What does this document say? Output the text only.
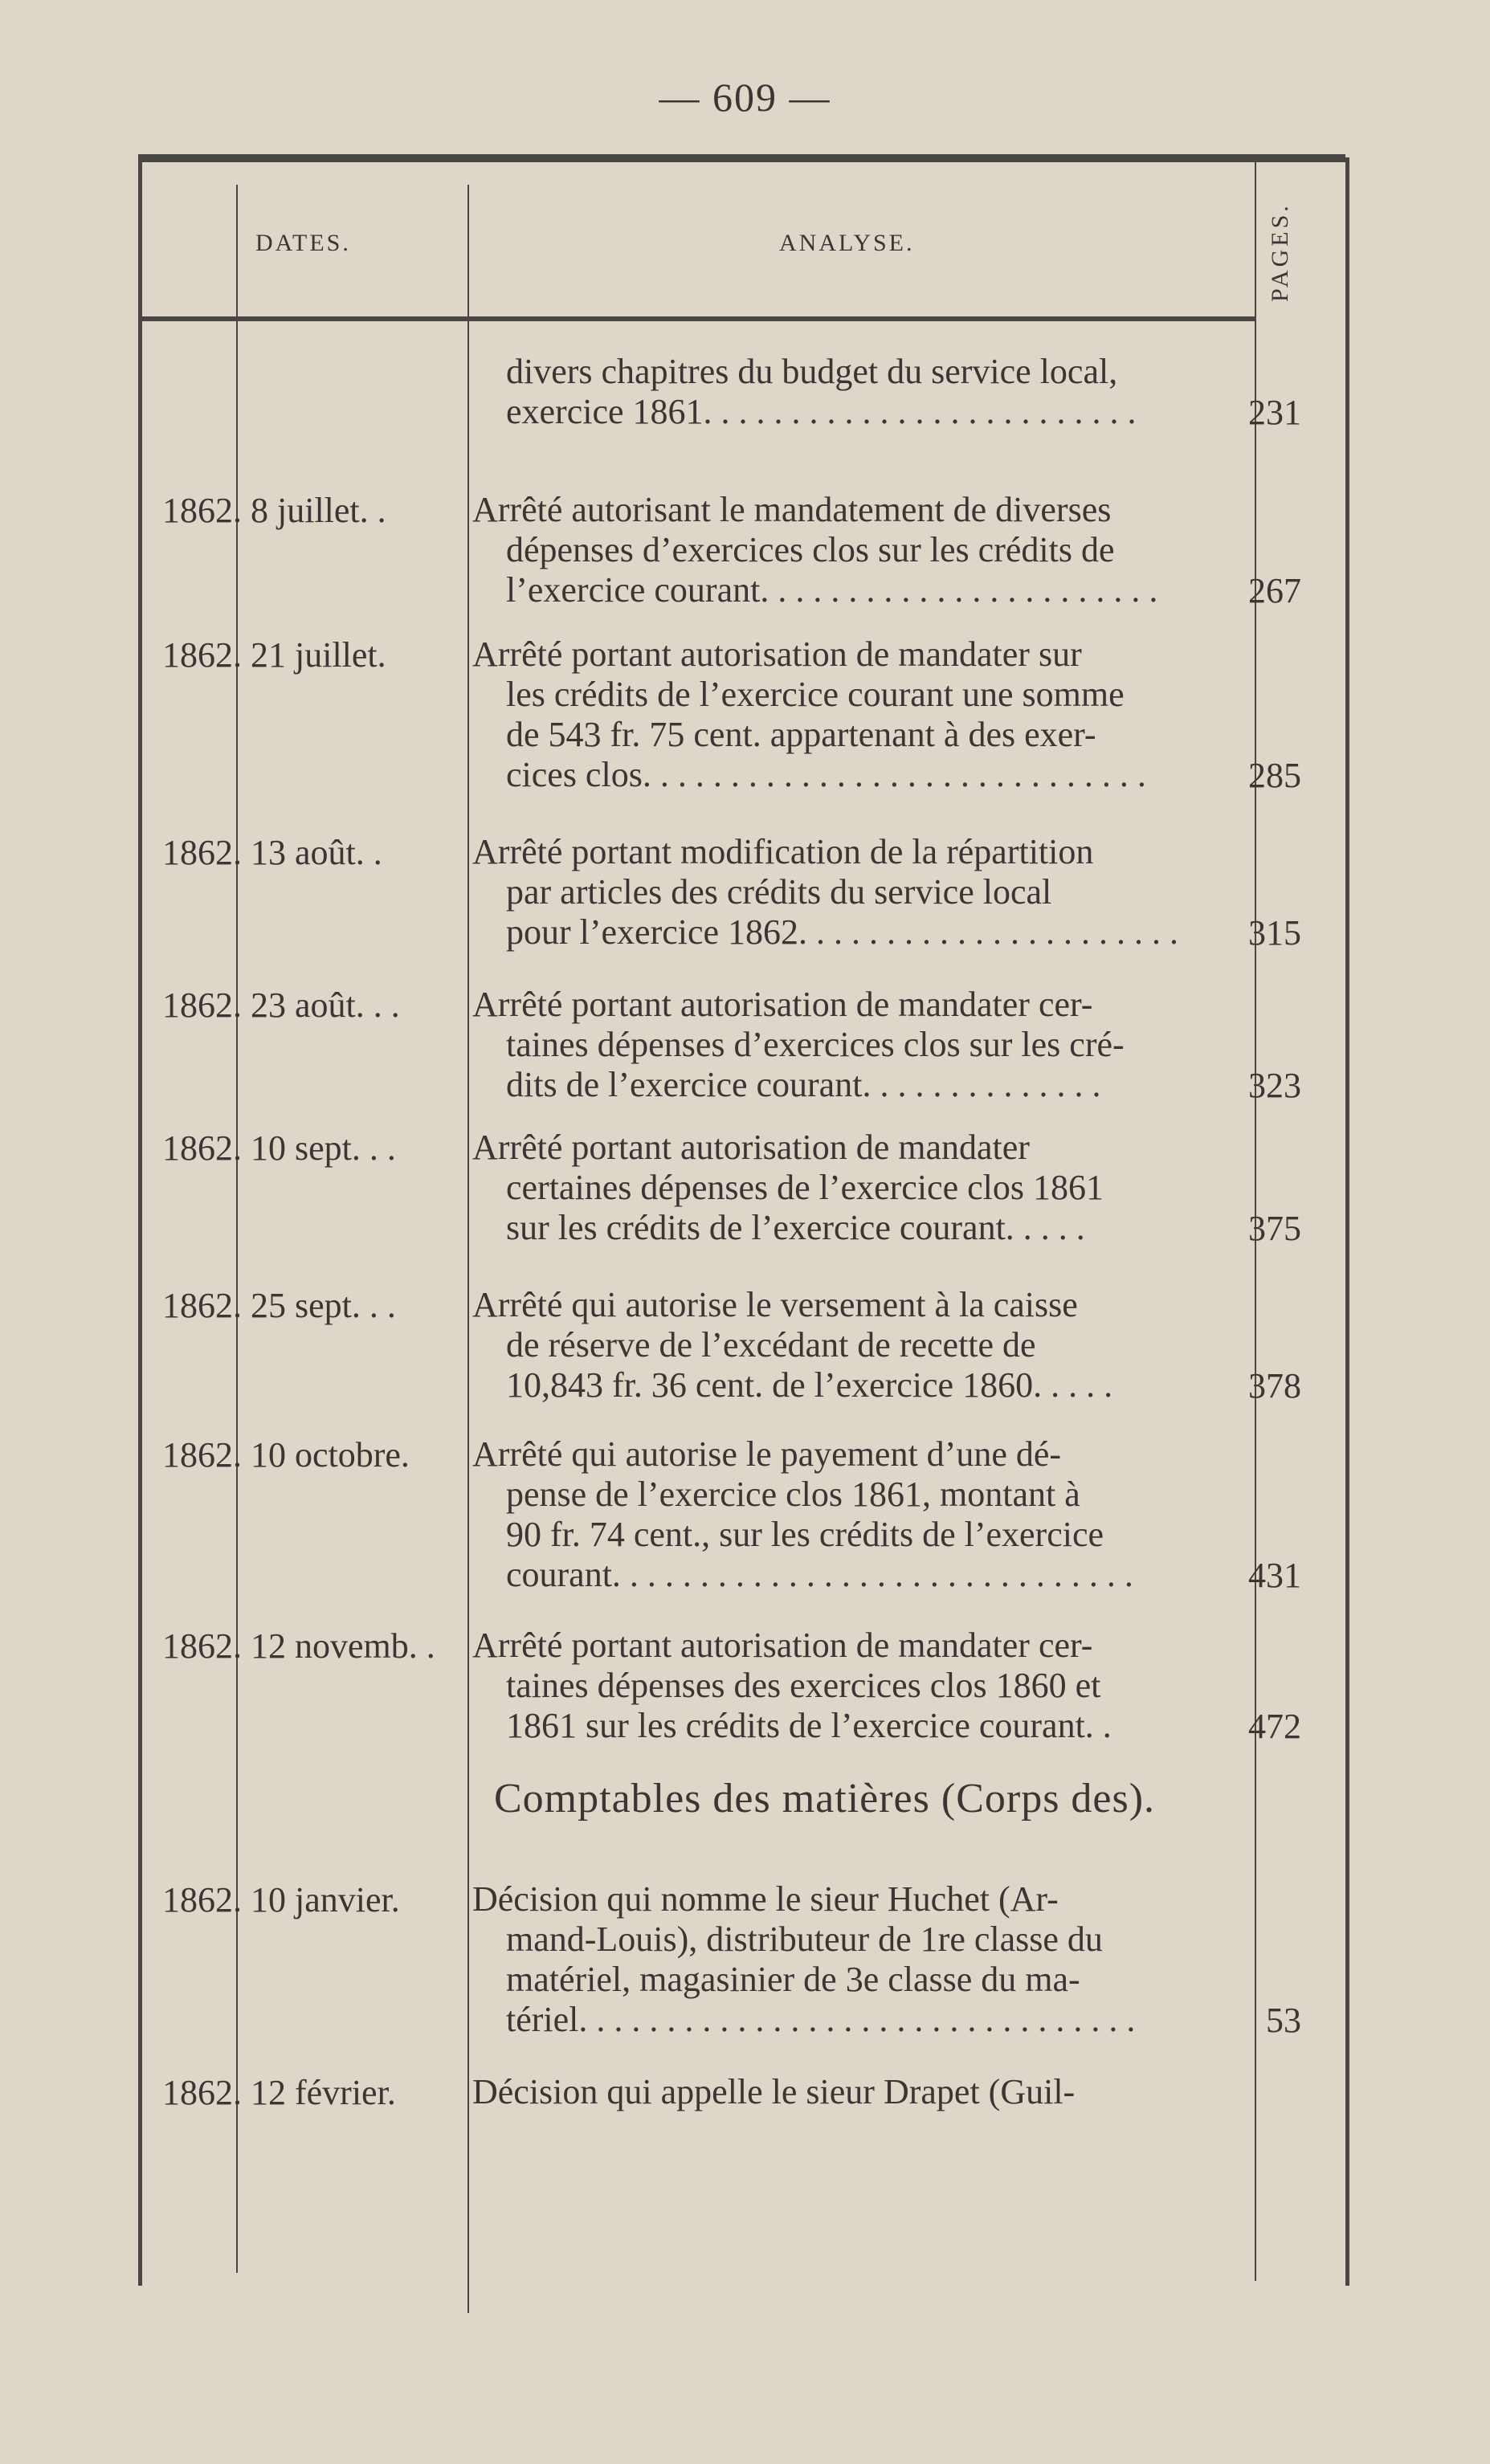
— 609 —
DATES.	ANALYSE.	PAGES.
divers chapitres du budget du service local,
exercice 1861. . . . . . . . . . . . . . . . . . . . . . . . .	231
1862. 8 juillet. .	Arrêté autorisant le mandatement de diverses
dépenses d’exercices clos sur les crédits de
l’exercice courant. . . . . . . . . . . . . . . . . . . . . . .	267
1862. 21 juillet.	Arrêté portant autorisation de mandater sur
les crédits de l’exercice courant une somme
de 543 fr. 75 cent. appartenant à des exer-
cices clos. . . . . . . . . . . . . . . . . . . . . . . . . . . . .	285
1862. 13 août. .	Arrêté portant modification de la répartition
par articles des crédits du service local
pour l’exercice 1862. . . . . . . . . . . . . . . . . . . . . .	315
1862. 23 août. . .	Arrêté portant autorisation de mandater cer-
taines dépenses d’exercices clos sur les cré-
dits de l’exercice courant. . . . . . . . . . . . . .	323
1862. 10 sept. . .	Arrêté portant autorisation de mandater
certaines dépenses de l’exercice clos 1861
sur les crédits de l’exercice courant. . . . .	375
1862. 25 sept. . .	Arrêté qui autorise le versement à la caisse
de réserve de l’excédant de recette de
10,843 fr. 36 cent. de l’exercice 1860. . . . .	378
1862. 10 octobre.	Arrêté qui autorise le payement d’une dé-
pense de l’exercice clos 1861, montant à
90 fr. 74 cent., sur les crédits de l’exercice
courant. . . . . . . . . . . . . . . . . . . . . . . . . . . . . .	431
1862. 12 novemb. .	Arrêté portant autorisation de mandater cer-
taines dépenses des exercices clos 1860 et
1861 sur les crédits de l’exercice courant. .	472
Comptables des matières (Corps des).
1862. 10 janvier.	Décision qui nomme le sieur Huchet (Ar-
mand-Louis), distributeur de 1re classe du
matériel, magasinier de 3e classe du ma-
tériel. . . . . . . . . . . . . . . . . . . . . . . . . . . . . . . .	53
1862. 12 février.	Décision qui appelle le sieur Drapet (Guil-
